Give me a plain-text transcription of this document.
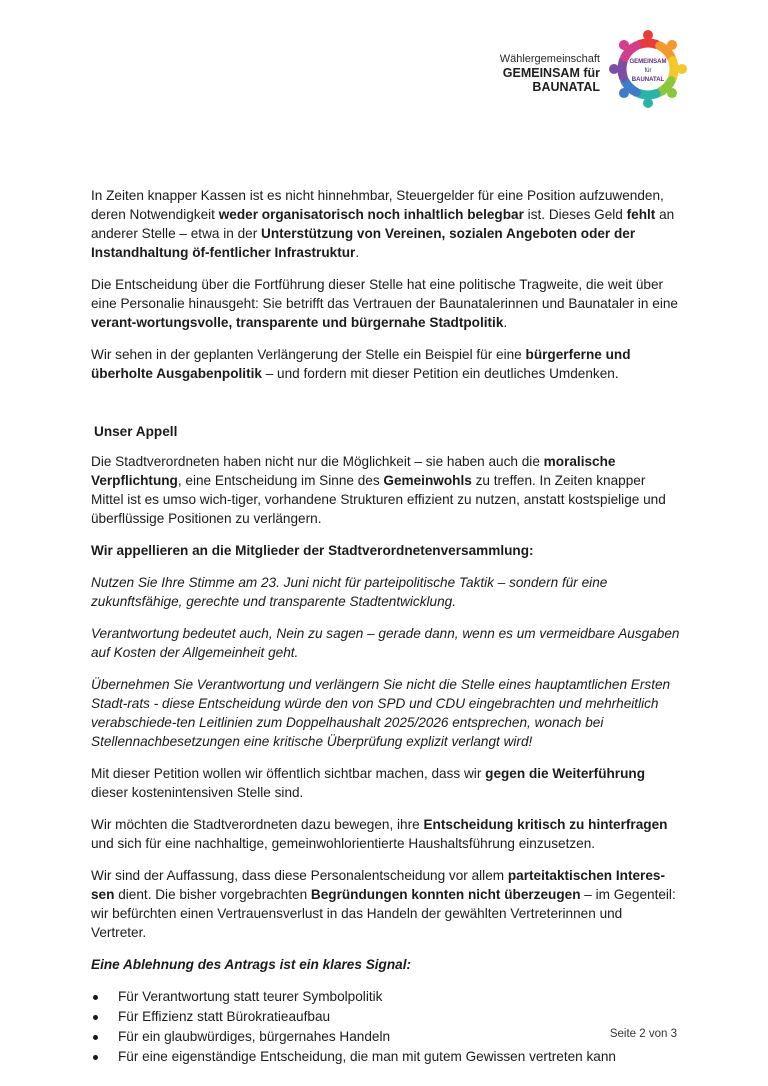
Wählergemeinschaft
GEMEINSAM für
BAUNATAL
GEMEINSAM
für
BAUNATAL

In Zeiten knapper Kassen ist es nicht hinnehmbar, Steuergelder für eine Position aufzuwenden, deren Notwendigkeit weder organisatorisch noch inhaltlich belegbar ist. Dieses Geld fehlt an anderer Stelle – etwa in der Unterstützung von Vereinen, sozialen Angeboten oder der Instandhaltung öf-fentlicher Infrastruktur.

Die Entscheidung über die Fortführung dieser Stelle hat eine politische Tragweite, die weit über eine Personalie hinausgeht: Sie betrifft das Vertrauen der Baunatalerinnen und Baunataler in eine verant-wortungsvolle, transparente und bürgernahe Stadtpolitik.

Wir sehen in der geplanten Verlängerung der Stelle ein Beispiel für eine bürgerferne und überholte Ausgabenpolitik – und fordern mit dieser Petition ein deutliches Umdenken.

Unser Appell

Die Stadtverordneten haben nicht nur die Möglichkeit – sie haben auch die moralische Verpflichtung, eine Entscheidung im Sinne des Gemeinwohls zu treffen. In Zeiten knapper Mittel ist es umso wich-tiger, vorhandene Strukturen effizient zu nutzen, anstatt kostspielige und überflüssige Positionen zu verlängern.

Wir appellieren an die Mitglieder der Stadtverordnetenversammlung:

Nutzen Sie Ihre Stimme am 23. Juni nicht für parteipolitische Taktik – sondern für eine zukunftsfähige, gerechte und transparente Stadtentwicklung.

Verantwortung bedeutet auch, Nein zu sagen – gerade dann, wenn es um vermeidbare Ausgaben auf Kosten der Allgemeinheit geht.

Übernehmen Sie Verantwortung und verlängern Sie nicht die Stelle eines hauptamtlichen Ersten Stadt-rats - diese Entscheidung würde den von SPD und CDU eingebrachten und mehrheitlich verabschiede-ten Leitlinien zum Doppelhaushalt 2025/2026 entsprechen, wonach bei Stellennachbesetzungen eine kritische Überprüfung explizit verlangt wird!

Mit dieser Petition wollen wir öffentlich sichtbar machen, dass wir gegen die Weiterführung dieser kostenintensiven Stelle sind.

Wir möchten die Stadtverordneten dazu bewegen, ihre Entscheidung kritisch zu hinterfragen und sich für eine nachhaltige, gemeinwohlorientierte Haushaltsführung einzusetzen.

Wir sind der Auffassung, dass diese Personalentscheidung vor allem parteitaktischen Interes-sen dient. Die bisher vorgebrachten Begründungen konnten nicht überzeugen – im Gegenteil: wir befürchten einen Vertrauensverlust in das Handeln der gewählten Vertreterinnen und Vertreter.

Eine Ablehnung des Antrags ist ein klares Signal:

Für Verantwortung statt teurer Symbolpolitik
Für Effizienz statt Bürokratieaufbau
Für ein glaubwürdiges, bürgernahes Handeln
Für eine eigenständige Entscheidung, die man mit gutem Gewissen vertreten kann
Seite 2 von 3
